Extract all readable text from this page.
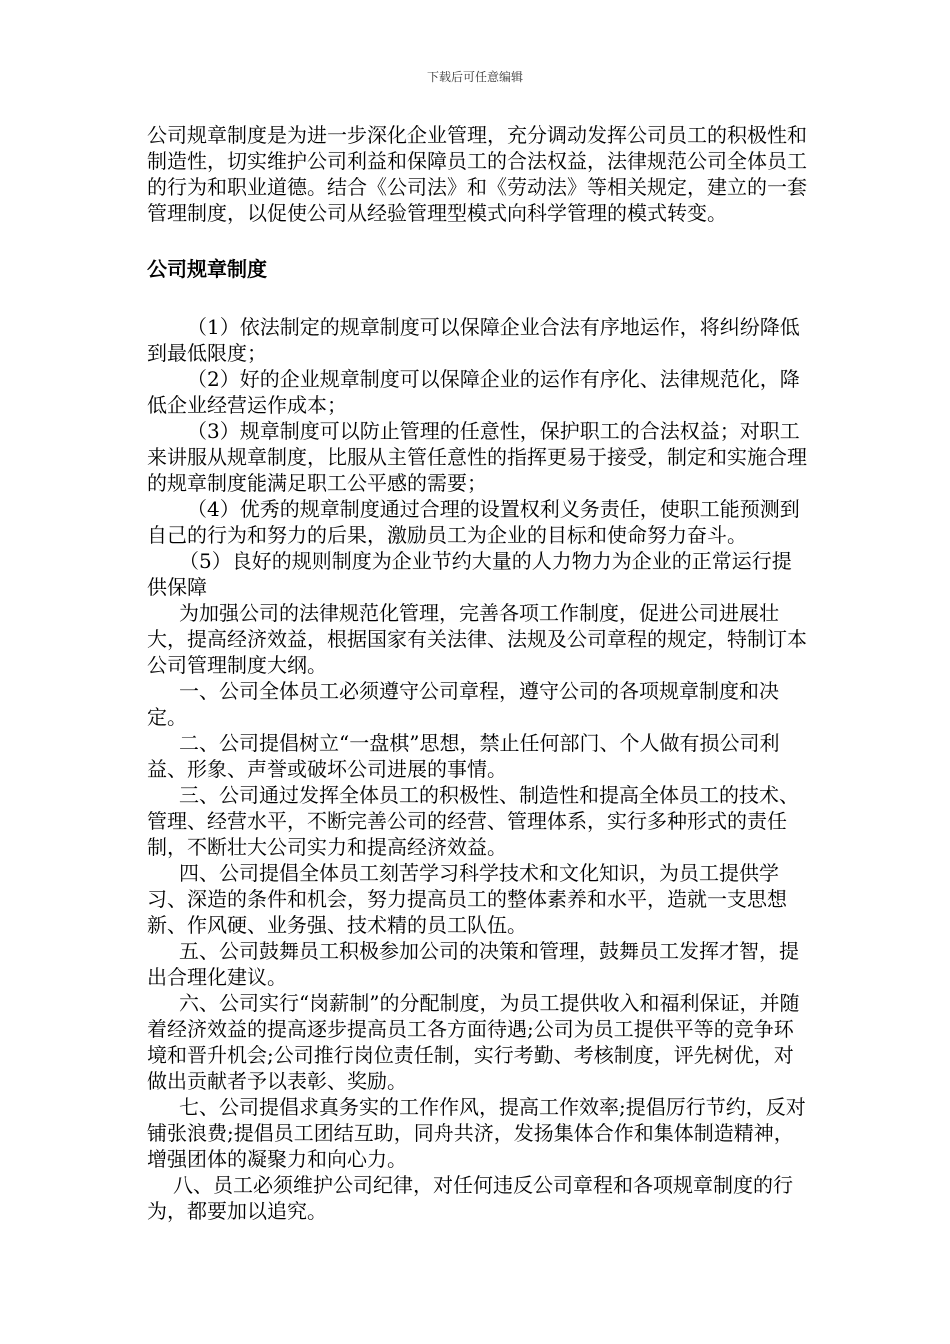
下载后可任意编辑

公司规章制度是为进一步深化企业管理，充分调动发挥公司员工的积极性和制造性，切实维护公司利益和保障员工的合法权益，法律规范公司全体员工的行为和职业道德。结合《公司法》和《劳动法》等相关规定，建立的一套管理制度，以促使公司从经验管理型模式向科学管理的模式转变。

公司规章制度

（1）依法制定的规章制度可以保障企业合法有序地运作，将纠纷降低到最低限度；

（2）好的企业规章制度可以保障企业的运作有序化、法律规范化，降低企业经营运作成本；

（3）规章制度可以防止管理的任意性，保护职工的合法权益；对职工来讲服从规章制度，比服从主管任意性的指挥更易于接受，制定和实施合理的规章制度能满足职工公平感的需要；

（4）优秀的规章制度通过合理的设置权利义务责任，使职工能预测到自己的行为和努力的后果，激励员工为企业的目标和使命努力奋斗。

（5）良好的规则制度为企业节约大量的人力物力为企业的正常运行提供保障

为加强公司的法律规范化管理，完善各项工作制度，促进公司进展壮大，提高经济效益，根据国家有关法律、法规及公司章程的规定，特制订本公司管理制度大纲。

一、公司全体员工必须遵守公司章程，遵守公司的各项规章制度和决定。

二、公司提倡树立“一盘棋”思想，禁止任何部门、个人做有损公司利益、形象、声誉或破坏公司进展的事情。

三、公司通过发挥全体员工的积极性、制造性和提高全体员工的技术、管理、经营水平，不断完善公司的经营、管理体系，实行多种形式的责任制，不断壮大公司实力和提高经济效益。

四、公司提倡全体员工刻苦学习科学技术和文化知识，为员工提供学习、深造的条件和机会，努力提高员工的整体素养和水平，造就一支思想新、作风硬、业务强、技术精的员工队伍。

五、公司鼓舞员工积极参加公司的决策和管理，鼓舞员工发挥才智，提出合理化建议。

六、公司实行“岗薪制”的分配制度，为员工提供收入和福利保证，并随着经济效益的提高逐步提高员工各方面待遇;公司为员工提供平等的竞争环境和晋升机会;公司推行岗位责任制，实行考勤、考核制度，评先树优，对做出贡献者予以表彰、奖励。

七、公司提倡求真务实的工作作风，提高工作效率;提倡厉行节约，反对铺张浪费;提倡员工团结互助，同舟共济，发扬集体合作和集体制造精神，增强团体的凝聚力和向心力。

八、员工必须维护公司纪律，对任何违反公司章程和各项规章制度的行为，都要加以追究。
